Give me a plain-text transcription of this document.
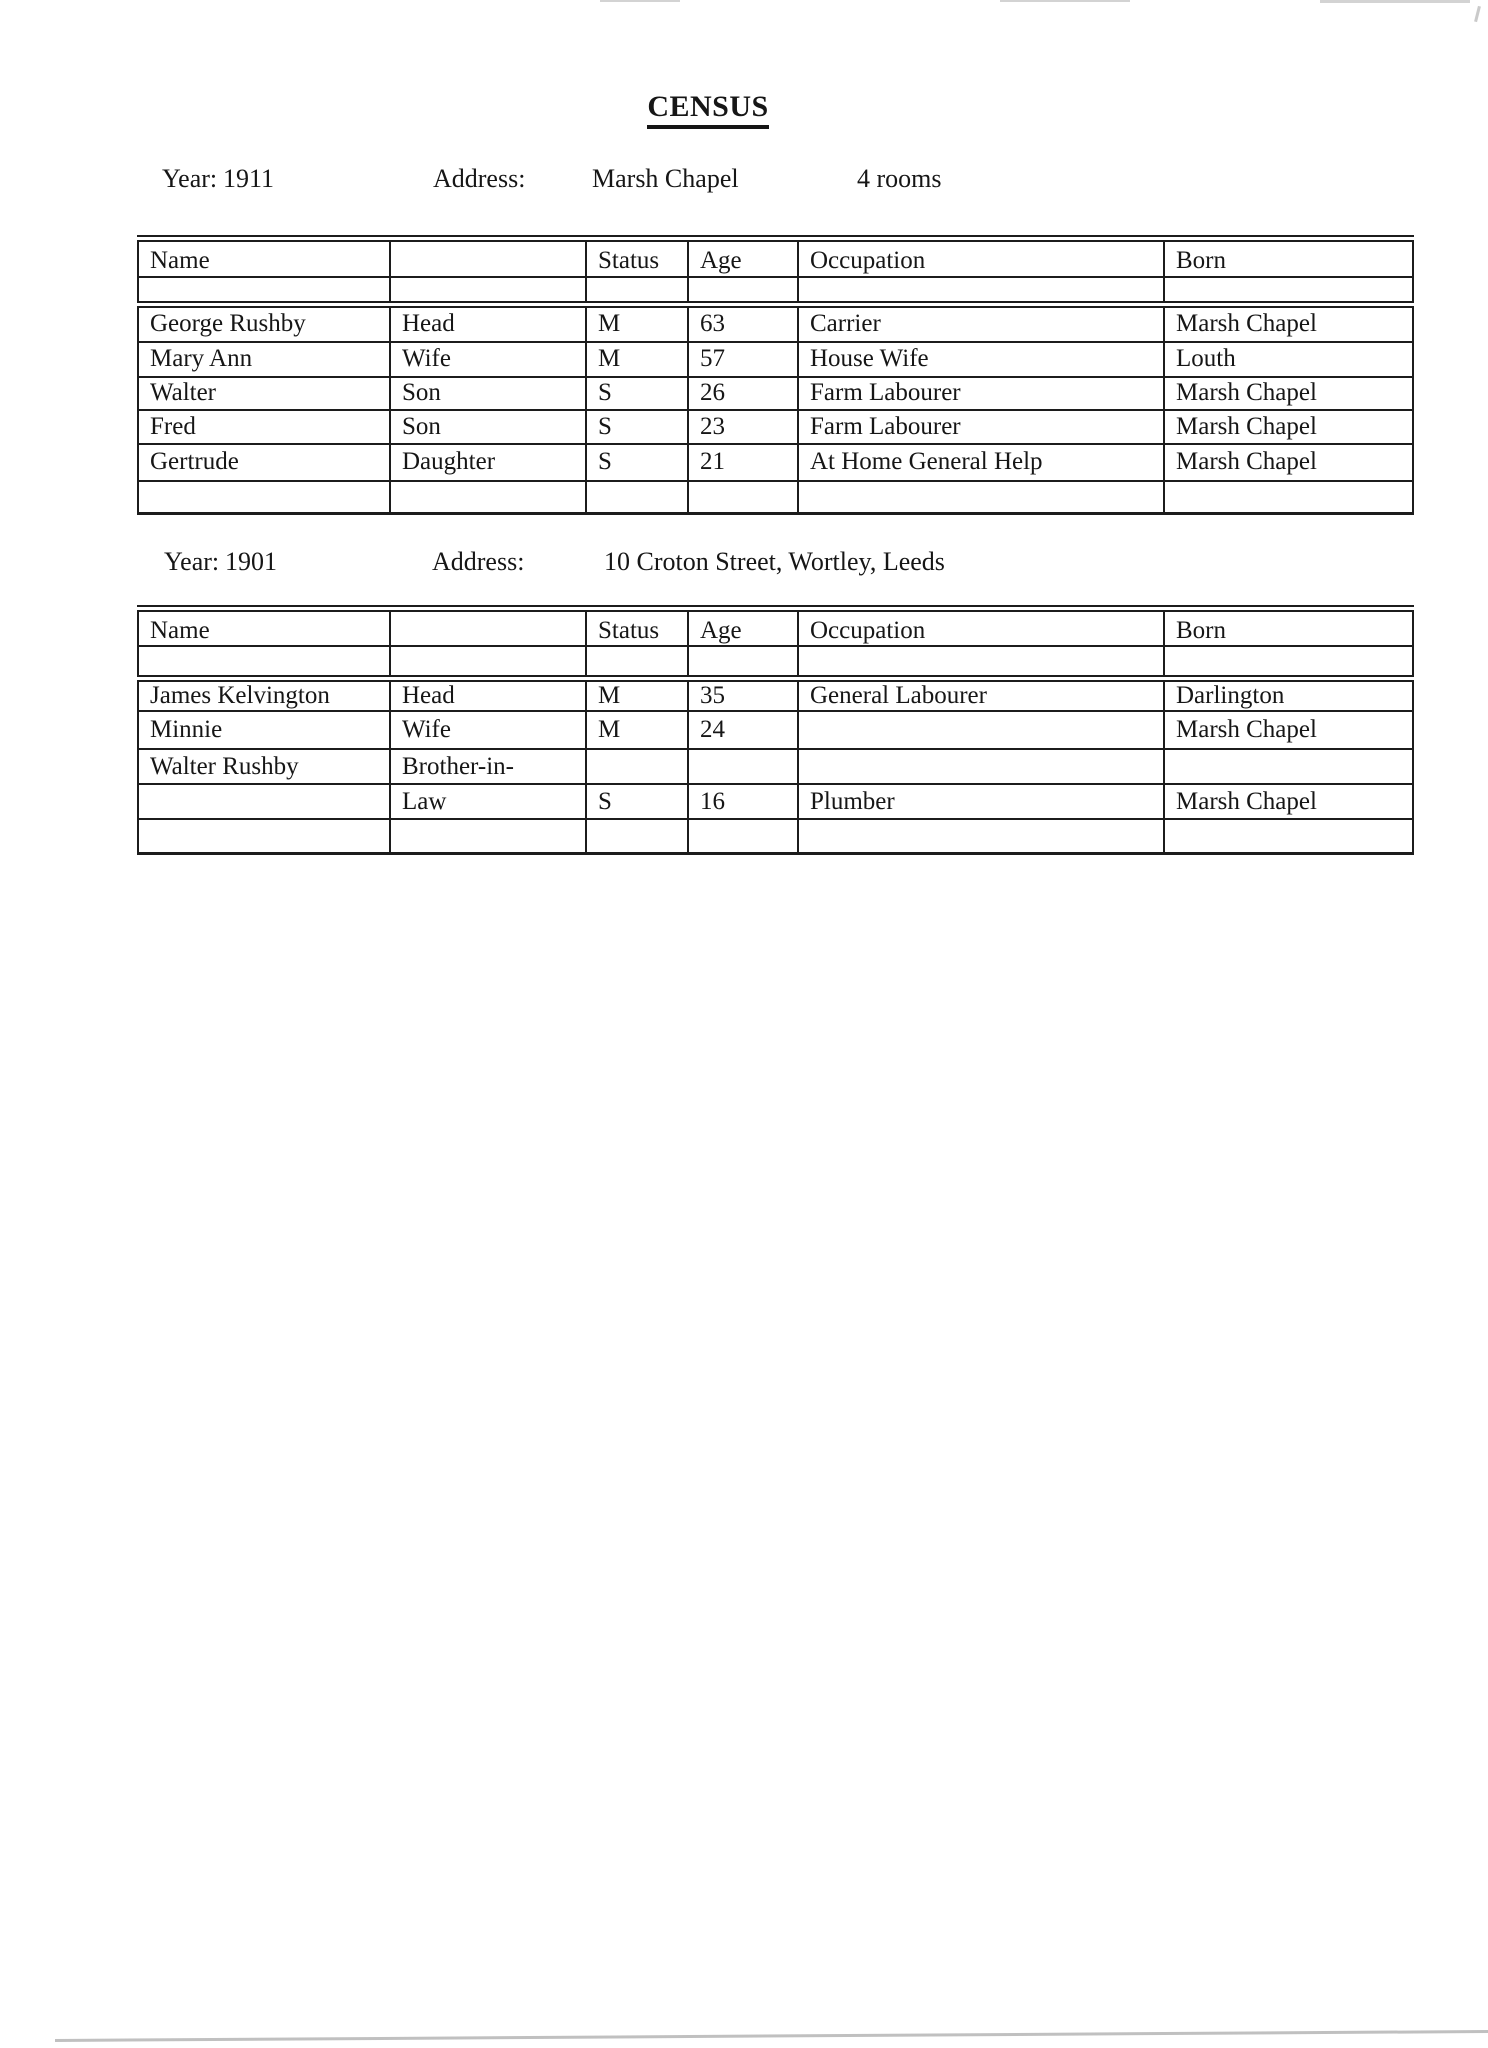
CENSUS
Year: 1911	Address:	Marsh Chapel	4 rooms
Name		Status	Age	Occupation	Born

George Rushby	Head	M	63	Carrier	Marsh Chapel
Mary Ann	Wife	M	57	House Wife	Louth
Walter	Son	S	26	Farm Labourer	Marsh Chapel
Fred	Son	S	23	Farm Labourer	Marsh Chapel
Gertrude	Daughter	S	21	At Home General Help	Marsh Chapel

Year: 1901	Address:	10 Croton Street, Wortley, Leeds
Name		Status	Age	Occupation	Born

James Kelvington	Head	M	35	General Labourer	Darlington
Minnie	Wife	M	24		Marsh Chapel
Walter Rushby	Brother-in-				
	Law	S	16	Plumber	Marsh Chapel
